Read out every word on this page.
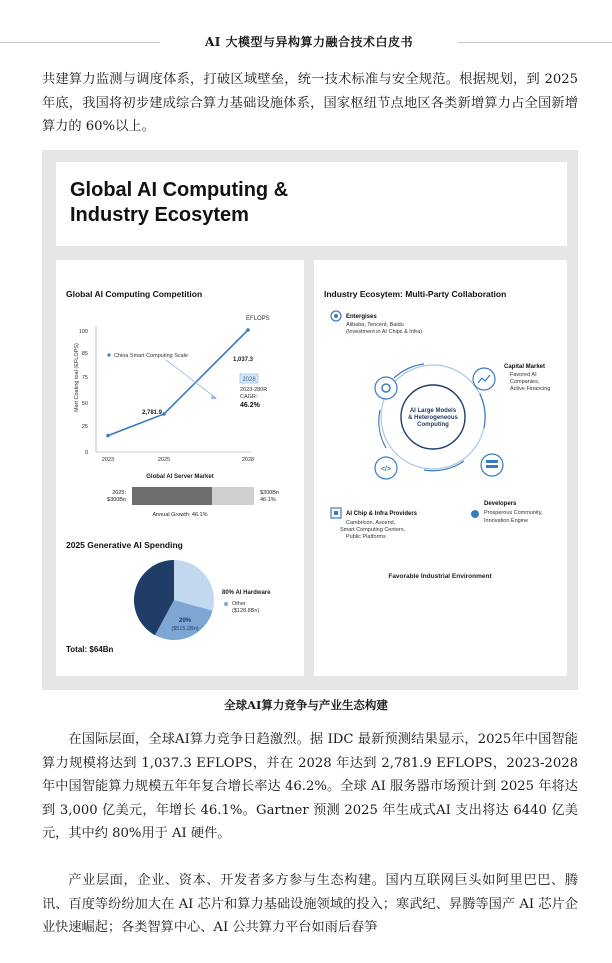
AI 大模型与异构算力融合技术白皮书

共建算力监测与调度体系，打破区域壁垒，统一技术标准与安全规范。根据规划，到 2025 年底，我国将初步建成综合算力基础设施体系，国家枢纽节点地区各类新增算力占全国新增算力的 60%以上。

Global AI Computing &
Industry Ecosytem
Global AI Computing Competition
EFLOPS
Mart Coating toal (EFLOPS)
0
25
50
75
85
100
2023	2025	2028
China Smart Computing Scale
2,781.9
1,037.3
2028
2023-280R
CAGR:
46.2%
Global AI Server Market
2025:
$300Bn
$300Bn
46.1%
Annual Growth: 46.1%
2025 Generative AI Spending
80% AI Hardware
Other
($128.8Bn)
20%
($515.2Bn)
Total: $64Bn
Industry Ecosytem: Multi-Party Collaboration
AI Large Models
& Heterogeneous
Computing
Entergises
Alibaba, Tencent, Baidu
(Investment in AI Chips & Infra)
Capital Market
Favored AI
Companies,
Active Financing
</>
AI Chip & Infra Providers
Cambricon, Ascend,
Smart Computing Centers,
Public Platforms
Developers
Prosperous Community,
Innovation Engine
Favorable Industrial Environment
全球AI算力竞争与产业生态构建

在国际层面，全球AI算力竞争日趋激烈。据 IDC 最新预测结果显示，2025年中国智能算力规模将达到 1,037.3 EFLOPS，并在 2028 年达到 2,781.9 EFLOPS，2023-2028 年中国智能算力规模五年年复合增长率达 46.2%。全球 AI 服务器市场预计到 2025 年将达到 3,000 亿美元，年增长 46.1%。Gartner 预测 2025 年生成式AI 支出将达 6440 亿美元，其中约 80%用于 AI 硬件。

产业层面，企业、资本、开发者多方参与生态构建。国内互联网巨头如阿里巴巴、腾讯、百度等纷纷加大在 AI 芯片和算力基础设施领域的投入；寒武纪、昇腾等国产 AI 芯片企业快速崛起；各类智算中心、AI 公共算力平台如雨后春笋
